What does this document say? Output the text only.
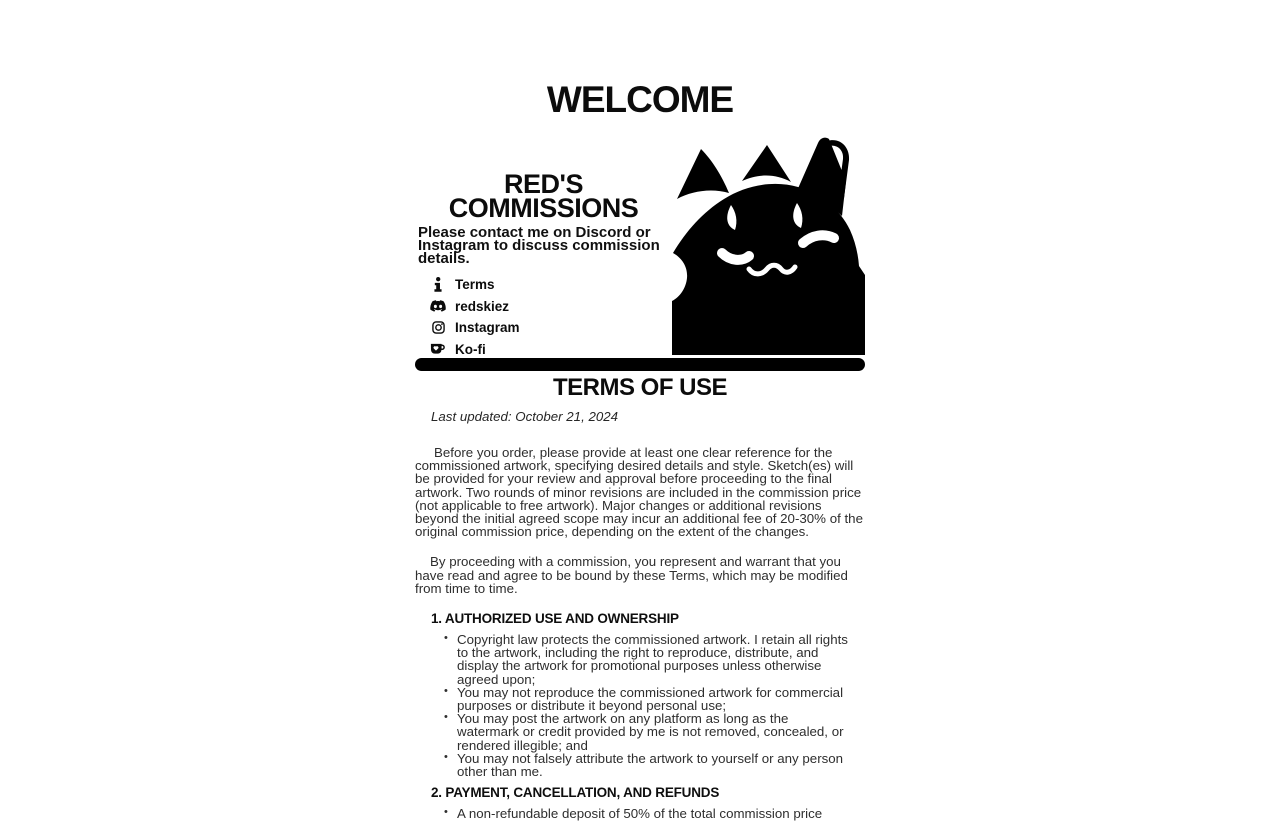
WELCOME
RED'S
COMMISSIONS
Please contact me on Discord or
Instagram to discuss commission
details.
Terms
redskiez
Instagram
Ko-fi
TERMS OF USE
Last updated: October 21, 2024

Before you order, please provide at least one clear reference for the commissioned artwork, specifying desired details and style. Sketch(es) will be provided for your review and approval before proceeding to the final artwork. Two rounds of minor revisions are included in the commission price (not applicable to free artwork). Major changes or additional revisions beyond the initial agreed scope may incur an additional fee of 20-30% of the original commission price, depending on the extent of the changes.

By proceeding with a commission, you represent and warrant that you have read and agree to be bound by these Terms, which may be modified from time to time.

1. AUTHORIZED USE AND OWNERSHIP
• Copyright law protects the commissioned artwork. I retain all rights to the artwork, including the right to reproduce, distribute, and display the artwork for promotional purposes unless otherwise agreed upon;
• You may not reproduce the commissioned artwork for commercial purposes or distribute it beyond personal use;
• You may post the artwork on any platform as long as the watermark or credit provided by me is not removed, concealed, or rendered illegible; and
• You may not falsely attribute the artwork to yourself or any person other than me.
2. PAYMENT, CANCELLATION, AND REFUNDS
• A non-refundable deposit of 50% of the total commission price
